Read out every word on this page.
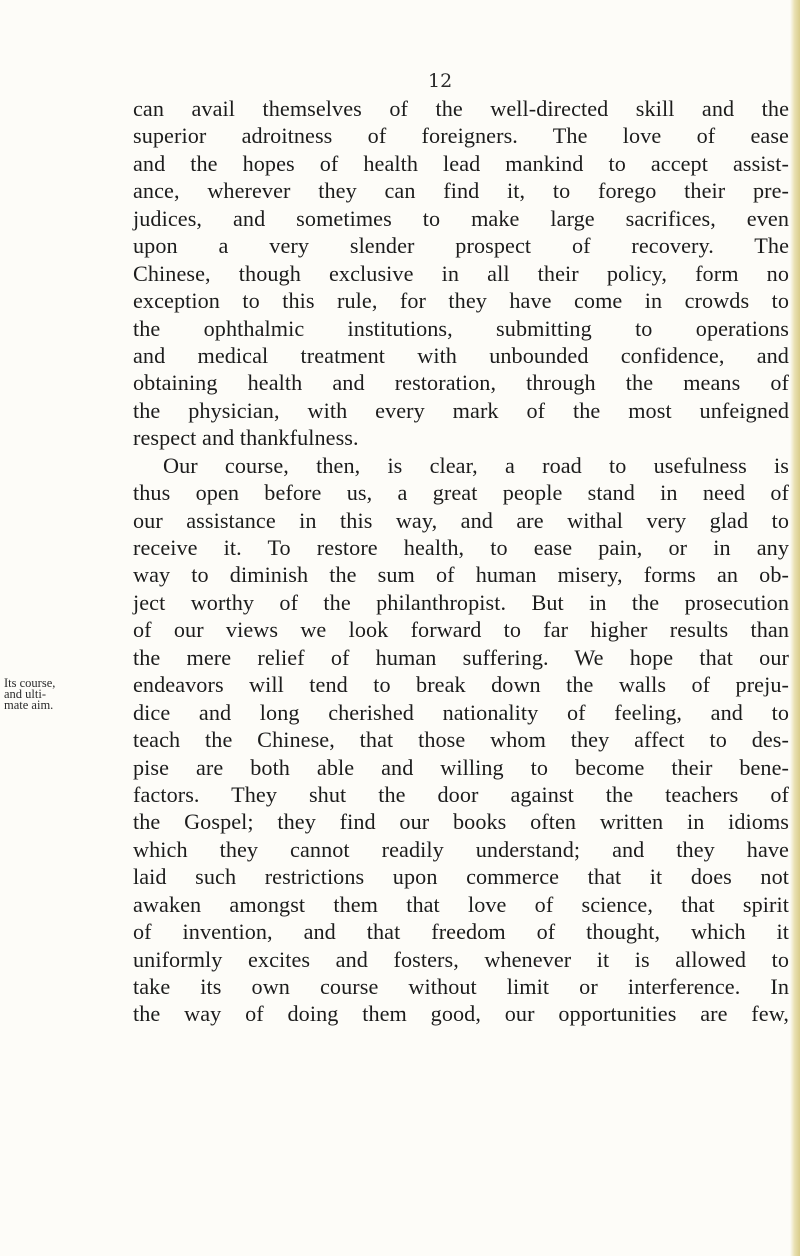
12
Its course,
and ulti-
mate aim.
can avail themselves of the well-directed skill and the
superior adroitness of foreigners. The love of ease
and the hopes of health lead mankind to accept assist-
ance, wherever they can find it, to forego their pre-
judices, and sometimes to make large sacrifices, even
upon a very slender prospect of recovery. The
Chinese, though exclusive in all their policy, form no
exception to this rule, for they have come in crowds to
the ophthalmic institutions, submitting to operations
and medical treatment with unbounded confidence, and
obtaining health and restoration, through the means of
the physician, with every mark of the most unfeigned
respect and thankfulness.
Our course, then, is clear, a road to usefulness is
thus open before us, a great people stand in need of
our assistance in this way, and are withal very glad to
receive it. To restore health, to ease pain, or in any
way to diminish the sum of human misery, forms an ob-
ject worthy of the philanthropist. But in the prosecution
of our views we look forward to far higher results than
the mere relief of human suffering. We hope that our
endeavors will tend to break down the walls of preju-
dice and long cherished nationality of feeling, and to
teach the Chinese, that those whom they affect to des-
pise are both able and willing to become their bene-
factors. They shut the door against the teachers of
the Gospel; they find our books often written in idioms
which they cannot readily understand; and they have
laid such restrictions upon commerce that it does not
awaken amongst them that love of science, that spirit
of invention, and that freedom of thought, which it
uniformly excites and fosters, whenever it is allowed to
take its own course without limit or interference. In
the way of doing them good, our opportunities are few,
